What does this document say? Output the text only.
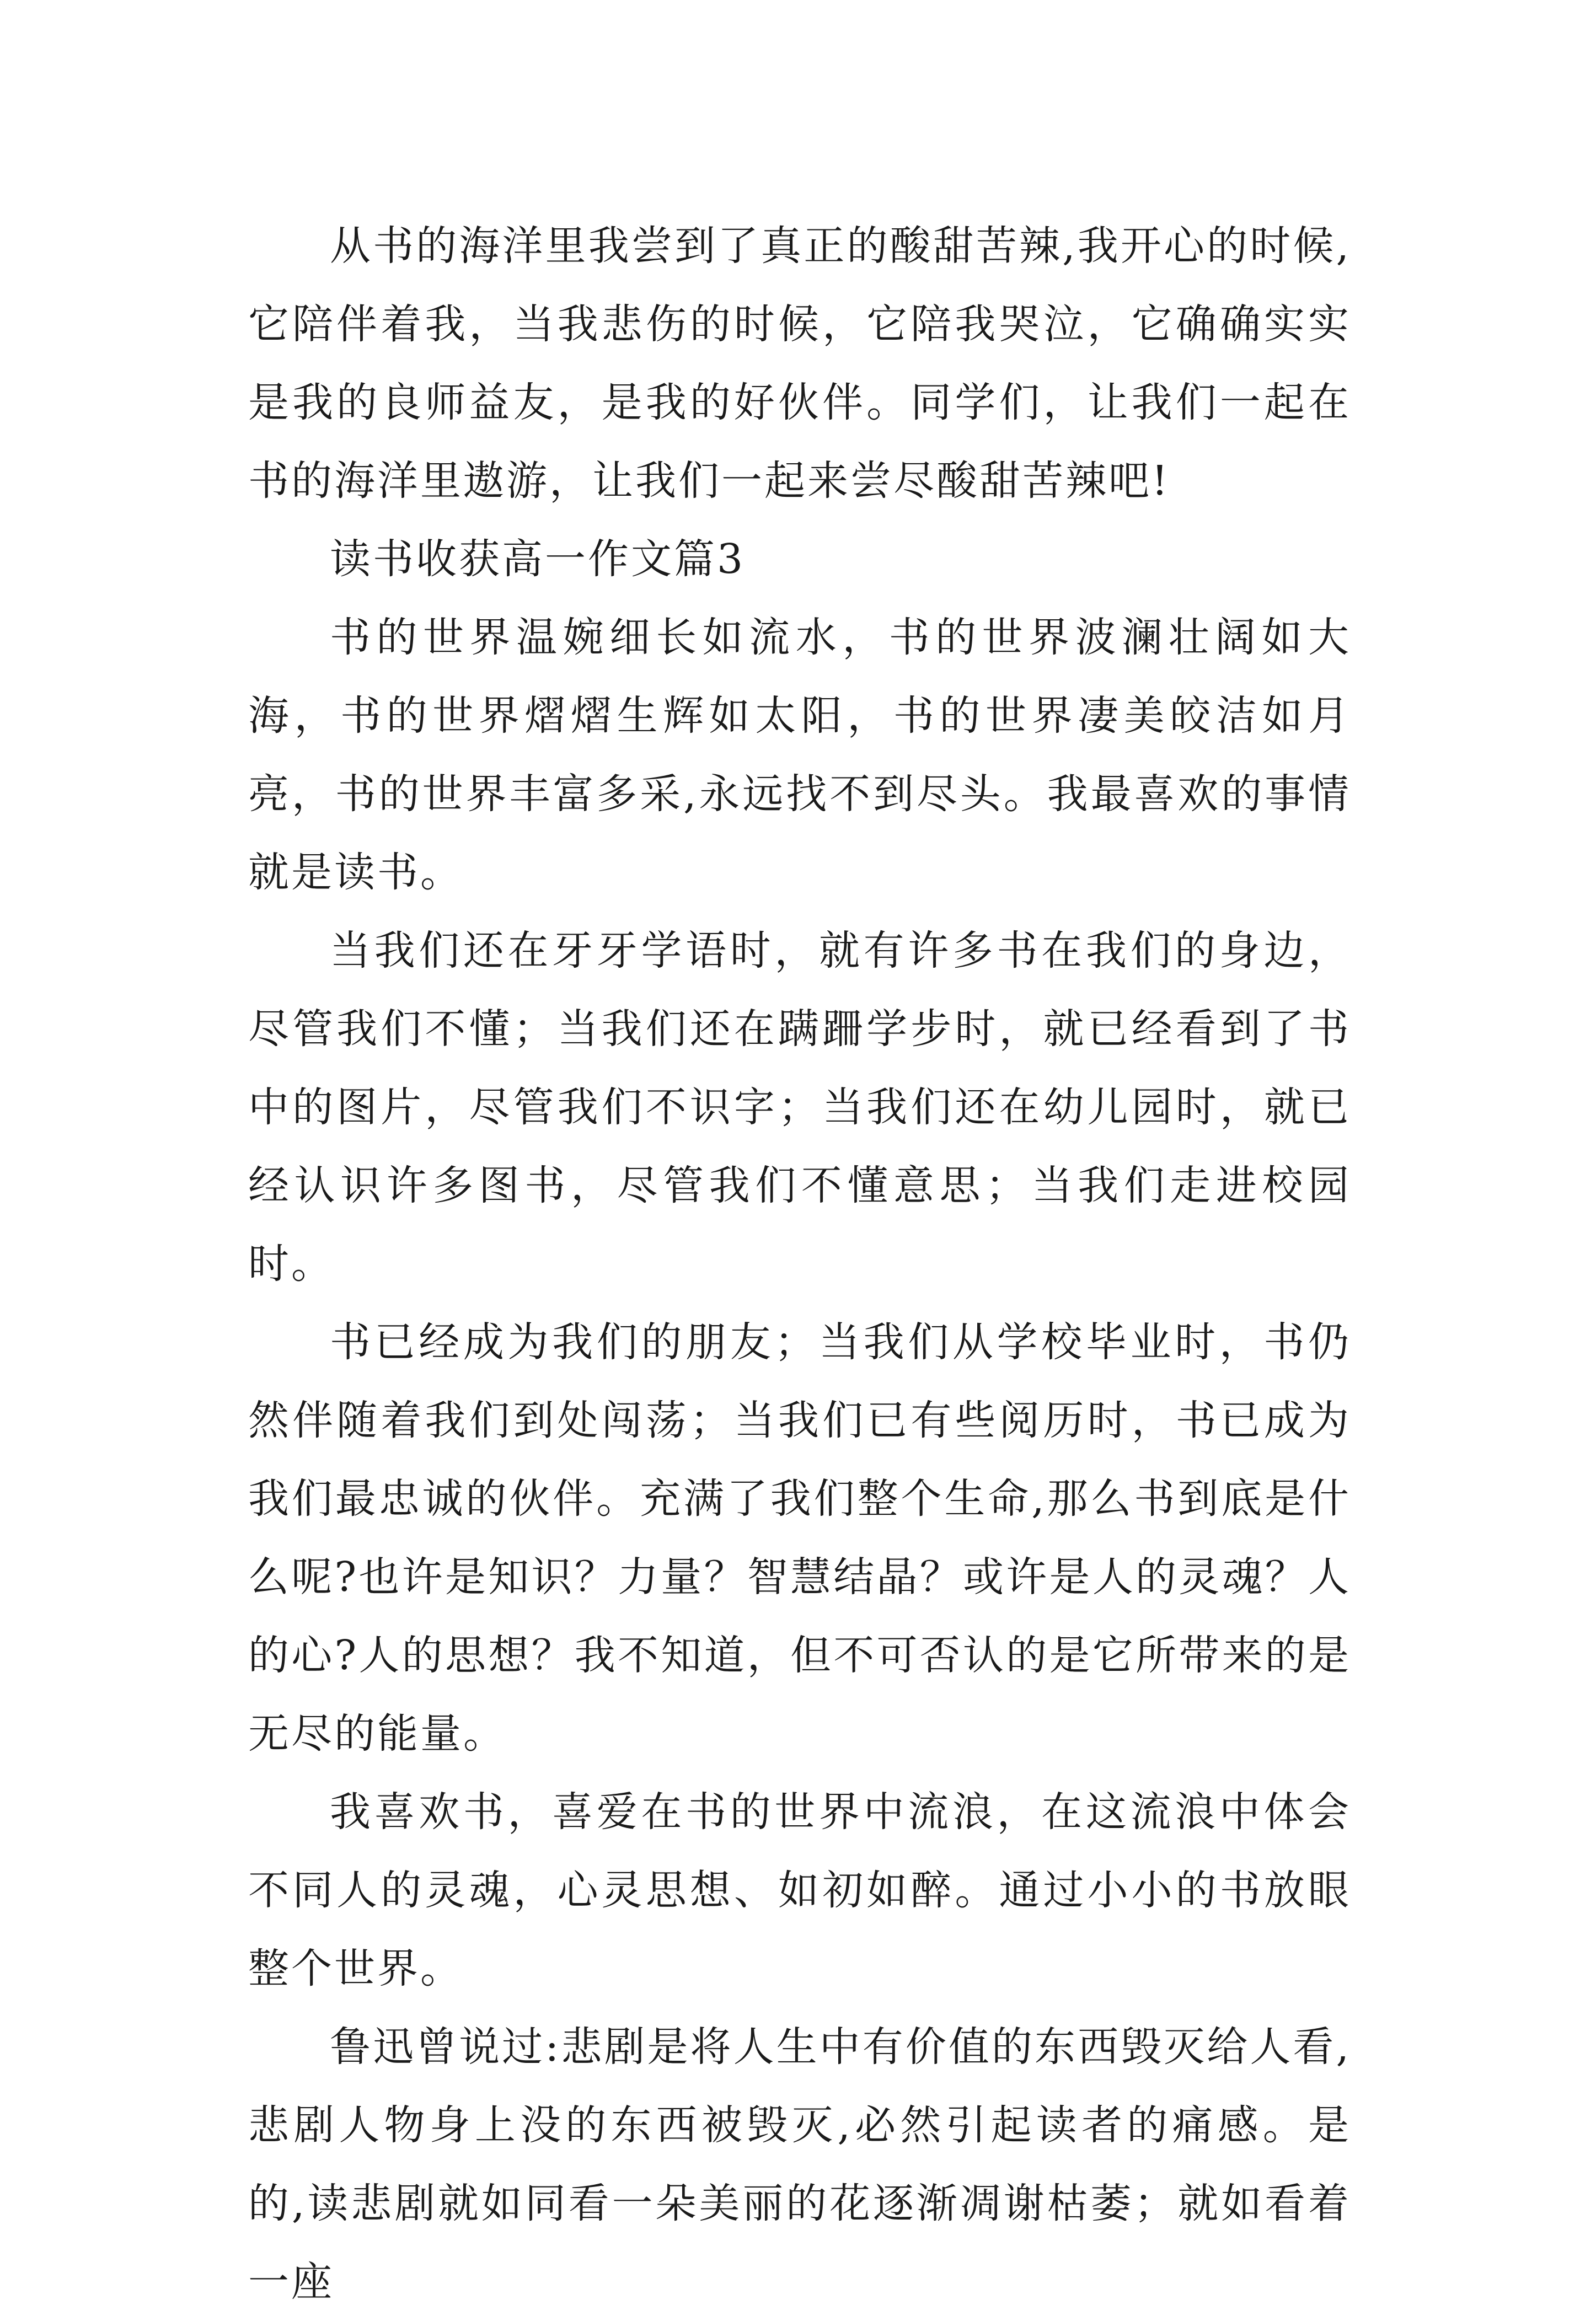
从书的海洋里我尝到了真正的酸甜苦辣,我开心的时候,它陪伴着我，当我悲伤的时候，它陪我哭泣，它确确实实是我的良师益友，是我的好伙伴。同学们，让我们一起在书的海洋里遨游，让我们一起来尝尽酸甜苦辣吧!

读书收获高一作文篇3

书的世界温婉细长如流水，书的世界波澜壮阔如大海，书的世界熠熠生辉如太阳，书的世界凄美皎洁如月亮，书的世界丰富多采,永远找不到尽头。我最喜欢的事情就是读书。

当我们还在牙牙学语时，就有许多书在我们的身边，尽管我们不懂；当我们还在蹒跚学步时，就已经看到了书中的图片，尽管我们不识字；当我们还在幼儿园时，就已经认识许多图书，尽管我们不懂意思；当我们走进校园时。

书已经成为我们的朋友；当我们从学校毕业时，书仍然伴随着我们到处闯荡；当我们已有些阅历时，书已成为我们最忠诚的伙伴。充满了我们整个生命,那么书到底是什么呢?也许是知识？力量？智慧结晶？或许是人的灵魂？人的心?人的思想？我不知道，但不可否认的是它所带来的是无尽的能量。

我喜欢书，喜爱在书的世界中流浪，在这流浪中体会不同人的灵魂，心灵思想、如初如醉。通过小小的书放眼整个世界。

鲁迅曾说过:悲剧是将人生中有价值的东西毁灭给人看,悲剧人物身上没的东西被毁灭,必然引起读者的痛感。是的,读悲剧就如同看一朵美丽的花逐渐凋谢枯萎；就如看着一座
